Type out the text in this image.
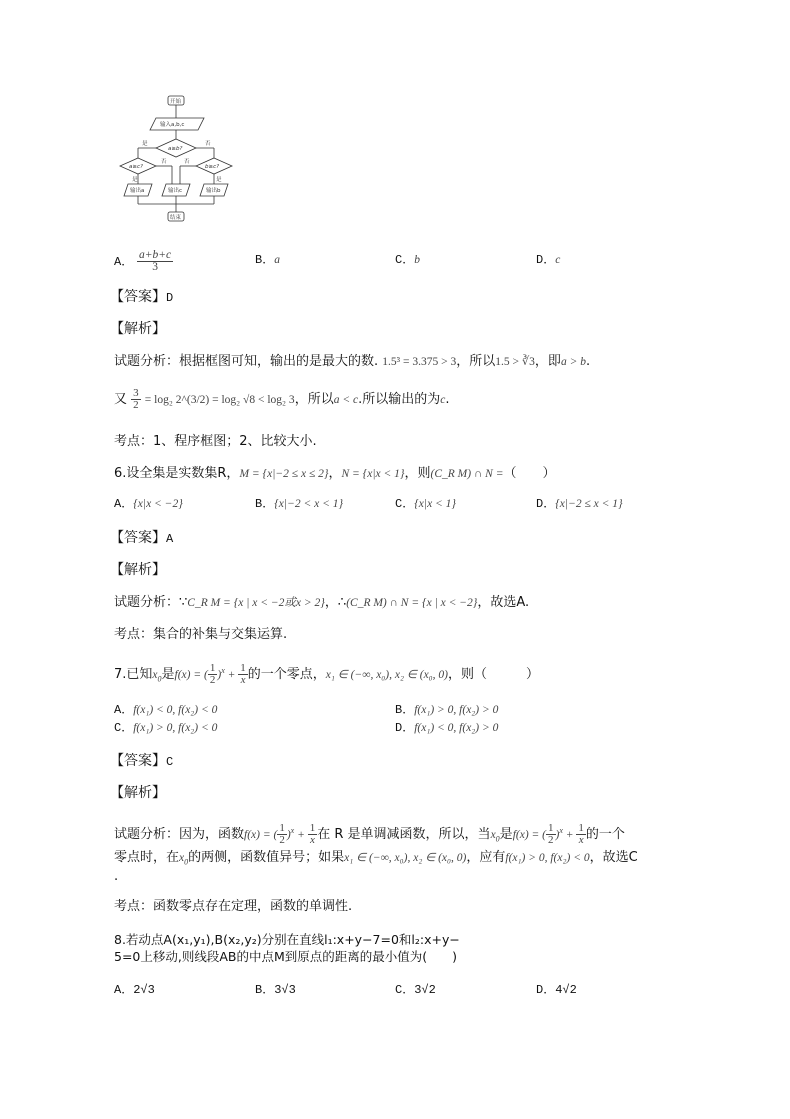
开始
输入a,b,c
a≥b?
a≥c?	b≥c?
是	否
是
否	否
是
输出a	输出c	输出b
结束
A． $\frac{a+b+c}{3}$	B．a	C．b	D．c
【答案】D
【解析】
试题分析：根据框图可知，输出的是最大的数. 1.5³ = 3.375 > 3，所以1.5 > ∛3，即a > b.
又 $\frac{3}{2} = \log_2$ 2^(3/2) = log₂ √8 < log₂ 3，所以a < c.所以输出的为c.
考点：1、程序框图；2、比较大小.
6.设全集是实数集R，M = {x|−2 ≤ x ≤ 2}，N = {x|x < 1}，则(C_R M) ∩ N =（　　）
A．{x|x < −2}	B．{x|−2 < x < 1}	C．{x|x < 1}	D．{x|−2 ≤ x < 1}
【答案】A
【解析】
试题分析：∵C_R M = {x | x < −2或x > 2}，∴(C_R M) ∩ N = {x | x < −2}，故选A.
考点：集合的补集与交集运算.
7.已知$x_0$是f(x) = ( $\frac{1}{2} )^x + \frac{1}{x}$ 的一个零点，x₁ ∈ (−∞, x₀), x₂ ∈ (x₀, 0)，则（　　　）
A．f(x₁) < 0, f(x₂) < 0	B．f(x₁) > 0, f(x₂) > 0
C．f(x₁) > 0, f(x₂) < 0	D．f(x₁) < 0, f(x₂) > 0
【答案】C
【解析】
试题分析：因为，函数f(x) = ( $\frac{1}{2} )^x + \frac{1}{x}$ 在 R 是单调减函数，所以，当$x_0$是f(x) = ( $\frac{1}{2} )^x + \frac{1}{x}$ 的一个
零点时，在$x_0$的两侧，函数值异号；如果x₁ ∈ (−∞, x₀), x₂ ∈ (x₀, 0)，应有f(x₁) > 0, f(x₂) < 0，故选C
.
考点：函数零点存在定理，函数的单调性.
8.若动点A(x₁,y₁),B(x₂,y₂)分别在直线l₁:x+y−7=0和l₂:x+y−
5=0上移动,则线段AB的中点M到原点的距离的最小值为(　　)
A．2√3	B．3√3	C．3√2	D．4√2
